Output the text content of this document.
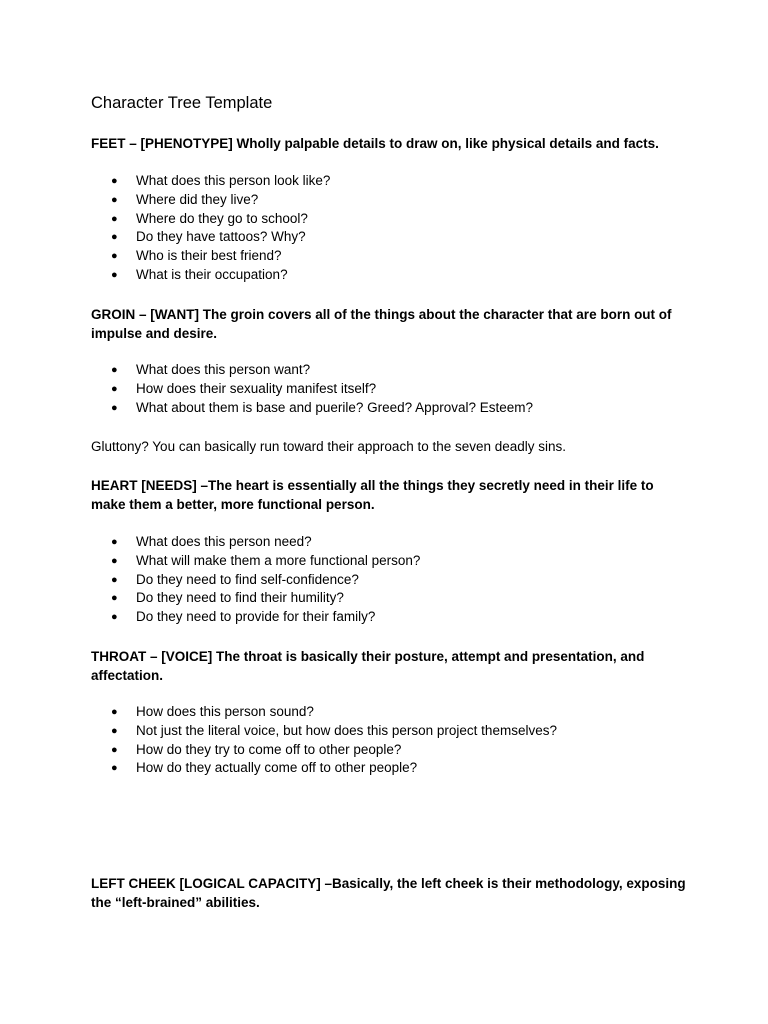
Character Tree Template

FEET – [PHENOTYPE] Wholly palpable details to draw on, like physical details and facts.

● What does this person look like?
● Where did they live?
● Where do they go to school?
● Do they have tattoos? Why?
● Who is their best friend?
● What is their occupation?

GROIN – [WANT] The groin covers all of the things about the character that are born out of impulse and desire.

● What does this person want?
● How does their sexuality manifest itself?
● What about them is base and puerile? Greed? Approval? Esteem?

Gluttony? You can basically run toward their approach to the seven deadly sins.

HEART [NEEDS] –The heart is essentially all the things they secretly need in their life to make them a better, more functional person.

● What does this person need?
● What will make them a more functional person?
● Do they need to find self-confidence?
● Do they need to find their humility?
● Do they need to provide for their family?

THROAT – [VOICE] The throat is basically their posture, attempt and presentation, and affectation.

● How does this person sound?
● Not just the literal voice, but how does this person project themselves?
● How do they try to come off to other people?
● How do they actually come off to other people?

LEFT CHEEK [LOGICAL CAPACITY] –Basically, the left cheek is their methodology, exposing the “left-brained” abilities.
